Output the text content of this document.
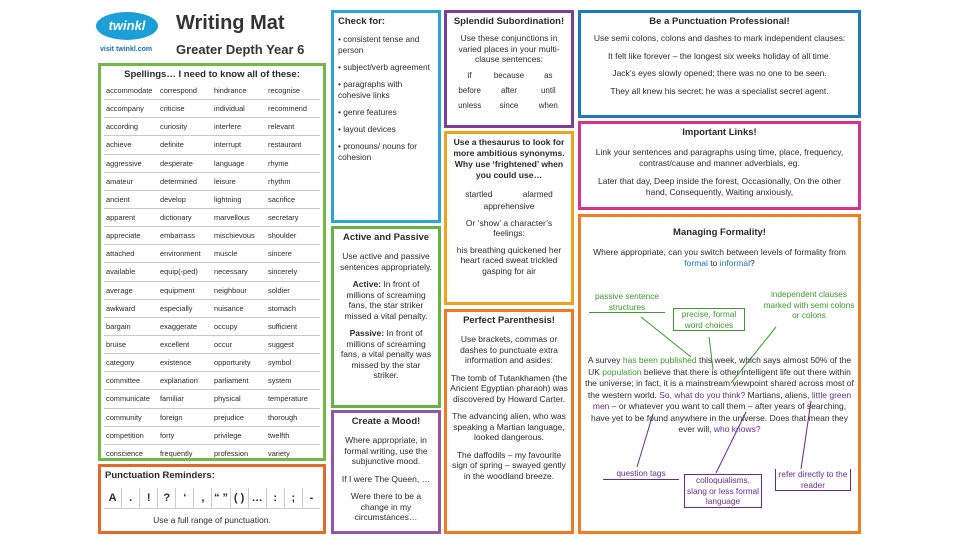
twinkl
visit twinkl.com
Writing Mat
Greater Depth Year 6
Spellings… I need to know all of these:
accommodate	correspond	hindrance	recognise
accompany	criticise	individual	recommend
according	curiosity	interfere	relevant
achieve	definite	interrupt	restaurant
aggressive	desperate	language	rhyme
amateur	determined	leisure	rhythm
ancient	develop	lightning	sacrifice
apparent	dictionary	marvellous	secretary
appreciate	embarrass	mischievous	shoulder
attached	environment	muscle	sincere
available	equip(-ped)	necessary	sincerely
average	equipment	neighbour	soldier
awkward	especially	nuisance	stomach
bargain	exaggerate	occupy	sufficient
bruise	excellent	occur	suggest
category	existence	opportunity	symbol
committee	explanation	parliament	system
communicate	familiar	physical	temperature
community	foreign	prejudice	thorough
competition	forty	privilege	twelfth
conscience	frequently	profession	variety
Punctuation Reminders:
A	.	!	?	‘	, “ ” ( ) … :	;	-
Use a full range of punctuation.
Check for:
• consistent tense and person
• subject/verb agreement
• paragraphs with cohesive links
• genre features
• layout devices
• pronouns/ nouns for cohesion
Active and Passive

Use active and passive sentences appropriately.

Active: In front of millions of screaming fans, the star striker missed a vital penalty.

Passive: In front of millions of screaming fans, a vital penalty was missed by the star striker.

Create a Mood!

Where appropriate, in formal writing, use the subjunctive mood.

If I were The Queen, …

Were there to be a change in my circumstances…

Splendid Subordination!

Use these conjunctions in varied places in your multi-clause sentences:

if	because	as
before	after	until
unless	since	when
Use a thesaurus to look for more ambitious synonyms. Why use ‘frightened’ when you could use…
startled	alarmed

apprehensive

Or ‘show’ a character’s feelings:

his breathing quickened her heart raced sweat trickled gasping for air

Perfect Parenthesis!

Use brackets, commas or dashes to punctuate extra information and asides:

The tomb of Tutankhamen (the Ancient Egyptian pharaoh) was discovered by Howard Carter.

The advancing alien, who was speaking a Martian language, looked dangerous.

The daffodils – my favourite sign of spring – swayed gently in the woodland breeze.

Be a Punctuation Professional!

Use semi colons, colons and dashes to mark independent clauses:

It felt like forever – the longest six weeks holiday of all time.

Jack’s eyes slowly opened; there was no one to be seen.

They all knew his secret: he was a specialist secret agent.

Important Links!

Link your sentences and paragraphs using time, place, frequency, contrast/cause and manner adverbials, eg.

Later that day, Deep inside the forest, Occasionally, On the other hand, Consequently, Waiting anxiously,

Managing Formality!

Where appropriate, can you switch between levels of formality from formal to informal?

passive sentence structures
precise, formal word choices
independent clauses marked with semi colons or colons

A survey has been published this week, which says almost 50% of the UK population believe that there is other intelligent life out there within the universe; in fact, it is a mainstream viewpoint shared across most of the western world. So, what do you think? Martians, aliens, little green men – or whatever you want to call them – after years of searching, have yet to be found anywhere in the universe. Does that mean they ever will, who knows?

question tags
colloquialisms, slang or less formal language
refer directly to the reader
